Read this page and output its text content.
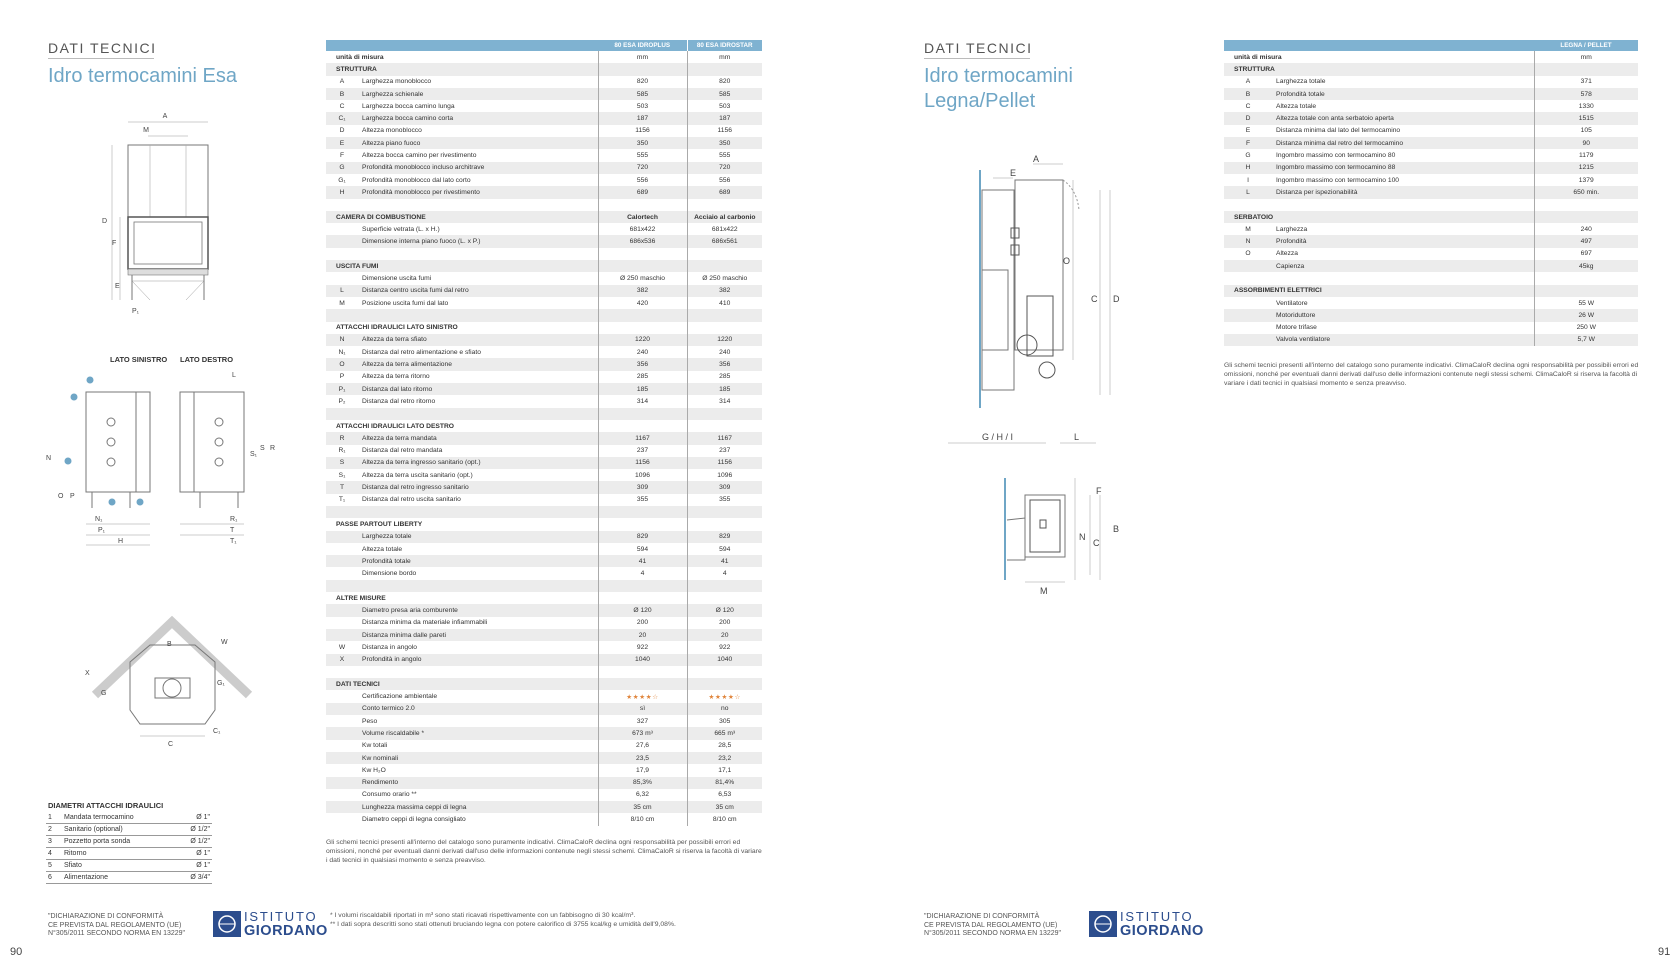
DATI TECNICI
Idro termocamini Esa
A
M
D
F
E
P₁
LATO SINISTRO LATO DESTRO
L
N
O P
S₁
S R
N₁
P₁
H
R₁
T
T₁
B	W
X
G
G₁
C
C₁
DIAMETRI ATTACCHI IDRAULICI
1	Mandata termocamino	Ø 1"
2	Sanitario (optional)	Ø 1/2"
3	Pozzetto porta sonda	Ø 1/2"
4	Ritorno	Ø 1"
5	Sfiato	Ø 1"
6	Alimentazione	Ø 3/4"
		80 ESA IDROPLUS	80 ESA IDROSTAR
unità di misura		mm	mm
STRUTTURA			
A	Larghezza monoblocco	820	820
B	Larghezza schienale	585	585
C	Larghezza bocca camino lunga	503	503
C₁	Larghezza bocca camino corta	187	187
D	Altezza monoblocco	1156	1156
E	Altezza piano fuoco	350	350
F	Altezza bocca camino per rivestimento	555	555
G	Profondità monoblocco incluso architrave	720	720
G₁	Profondità monoblocco dal lato corto	556	556
H	Profondità monoblocco per rivestimento	689	689

CAMERA DI COMBUSTIONE		Calortech	Acciaio al carbonio
	Superficie vetrata (L. x H.)	681x422	681x422
	Dimensione interna piano fuoco (L. x P.)	686x536	686x561

USCITA FUMI			
	Dimensione uscita fumi	Ø 250 maschio	Ø 250 maschio
L	Distanza centro uscita fumi dal retro	382	382
M	Posizione uscita fumi dal lato	420	410

ATTACCHI IDRAULICI LATO SINISTRO			
N	Altezza da terra sfiato	1220	1220
N₁	Distanza dal retro alimentazione e sfiato	240	240
O	Altezza da terra alimentazione	356	356
P	Altezza da terra ritorno	285	285
P₁	Distanza dal lato ritorno	185	185
P₂	Distanza dal retro ritorno	314	314

ATTACCHI IDRAULICI LATO DESTRO			
R	Altezza da terra mandata	1167	1167
R₁	Distanza dal retro mandata	237	237
S	Altezza da terra ingresso sanitario (opt.)	1156	1156
S₁	Altezza da terra uscita sanitario (opt.)	1096	1096
T	Distanza dal retro ingresso sanitario	309	309
T₁	Distanza dal retro uscita sanitario	355	355

PASSE PARTOUT LIBERTY			
	Larghezza totale	829	829
	Altezza totale	594	594
	Profondità totale	41	41
	Dimensione bordo	4	4

ALTRE MISURE			
	Diametro presa aria comburente	Ø 120	Ø 120
	Distanza minima da materiale infiammabili	200	200
	Distanza minima dalle pareti	20	20
W	Distanza in angolo	922	922
X	Profondità in angolo	1040	1040

DATI TECNICI			
	Certificazione ambientale	★★★★☆	★★★★☆
	Conto termico 2.0	sì	no
	Peso	327	305
	Volume riscaldabile *	673 m³	665 m³
	Kw totali	27,6	28,5
	Kw nominali	23,5	23,2
	Kw H₂O	17,9	17,1
	Rendimento	85,3%	81,4%
	Consumo orario **	6,32	6,53
	Lunghezza massima ceppi di legna	35 cm	35 cm
	Diametro ceppi di legna consigliato	8/10 cm	8/10 cm
Gli schemi tecnici presenti all'interno del catalogo sono puramente indicativi. ClimaCaloR declina ogni responsabilità per possibili errori ed omissioni, nonché per eventuali danni derivati dall'uso delle informazioni contenute negli stessi schemi. ClimaCaloR si riserva la facoltà di variare i dati tecnici in qualsiasi momento e senza preavviso.
"DICHIARAZIONE DI CONFORMITÀ
CE PREVISTA DAL REGOLAMENTO (UE)
N°305/2011 SECONDO NORMA EN 13229"
ISTITUTO
GIORDANO
* I volumi riscaldabili riportati in m³ sono stati ricavati rispettivamente con un fabbisogno di 30 kcal/m³.
** I dati sopra descritti sono stati ottenuti bruciando legna con potere calorifico di 3755 kcal/kg e umidità dell'9,08%.
90
DATI TECNICI
Idro termocamini
Legna/Pellet
A
E
O
C D
G / H / I	L
F
B
N
C
M
		LEGNA / PELLET
unità di misura		mm
STRUTTURA		
A	Larghezza totale	371
B	Profondità totale	578
C	Altezza totale	1330
D	Altezza totale con anta serbatoio aperta	1515
E	Distanza minima dal lato del termocamino	105
F	Distanza minima dal retro del termocamino	90
G	Ingombro massimo con termocamino 80	1179
H	Ingombro massimo con termocamino 88	1215
I	Ingombro massimo con termocamino 100	1379
L	Distanza per ispezionabilità	650 min.

SERBATOIO		
M	Larghezza	240
N	Profondità	497
O	Altezza	697
	Capienza	45kg

ASSORBIMENTI ELETTRICI		
	Ventilatore	55 W
	Motoriduttore	26 W
	Motore trifase	250 W
	Valvola ventilatore	5,7 W
Gli schemi tecnici presenti all'interno del catalogo sono puramente indicativi. ClimaCaloR declina ogni responsabilità per possibili errori ed omissioni, nonché per eventuali danni derivati dall'uso delle informazioni contenute negli stessi schemi. ClimaCaloR si riserva la facoltà di variare i dati tecnici in qualsiasi momento e senza preavviso.
"DICHIARAZIONE DI CONFORMITÀ
CE PREVISTA DAL REGOLAMENTO (UE)
N°305/2011 SECONDO NORMA EN 13229"
ISTITUTO
GIORDANO
91
